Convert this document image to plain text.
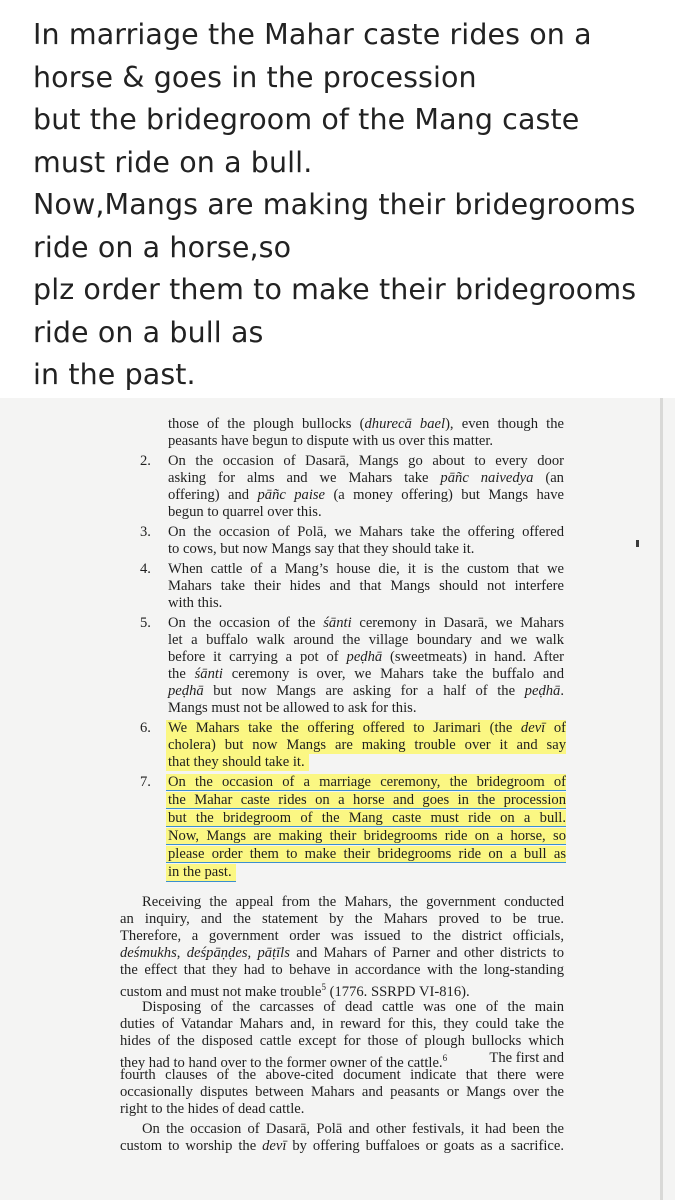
In marriage the Mahar caste rides on a
horse & goes in the procession
but the bridegroom of the Mang caste
must ride on a bull.
Now,Mangs are making their bridegrooms
ride on a horse,so
plz order them to make their bridegrooms
ride on a bull as
in the past.

those of the plough bullocks (dhurecā bael), even though the
peasants have begun to dispute with us over this matter.
2. On the occasion of Dasarā, Mangs go about to every door
asking for alms and we Mahars take pāñc naivedya (an
offering) and pāñc paise (a money offering) but Mangs have
begun to quarrel over this.
3. On the occasion of Polā, we Mahars take the offering offered
to cows, but now Mangs say that they should take it.
4. When cattle of a Mang’s house die, it is the custom that we
Mahars take their hides and that Mangs should not interfere
with this.
5. On the occasion of the śānti ceremony in Dasarā, we Mahars
let a buffalo walk around the village boundary and we walk
before it carrying a pot of peḍhā (sweetmeats) in hand. After
the śānti ceremony is over, we Mahars take the buffalo and
peḍhā but now Mangs are asking for a half of the peḍhā.
Mangs must not be allowed to ask for this.
6. We Mahars take the offering offered to Jarimari (the devī of
cholera) but now Mangs are making trouble over it and say
that they should take it.
7. On the occasion of a marriage ceremony, the bridegroom of
the Mahar caste rides on a horse and goes in the procession
but the bridegroom of the Mang caste must ride on a bull.
Now, Mangs are making their bridegrooms ride on a horse, so
please order them to make their bridegrooms ride on a bull as
in the past.
Receiving the appeal from the Mahars, the government conducted
an inquiry, and the statement by the Mahars proved to be true.
Therefore, a government order was issued to the district officials,
deśmukhs, deśpāṇḍes, pāṭīls and Mahars of Parner and other districts to
the effect that they had to behave in accordance with the long-standing
custom and must not make trouble$^5$ (1776. SSRPD VI-816).
Disposing of the carcasses of dead cattle was one of the main
duties of Vatandar Mahars and, in reward for this, they could take the
hides of the disposed cattle except for those of plough bullocks which
they had to hand over to the former owner of the cattle.$^6$	The first and
fourth clauses of the above-cited document indicate that there were
occasionally disputes between Mahars and peasants or Mangs over the
right to the hides of dead cattle.
On the occasion of Dasarā, Polā and other festivals, it had been the
custom to worship the devī by offering buffaloes or goats as a sacrifice.
